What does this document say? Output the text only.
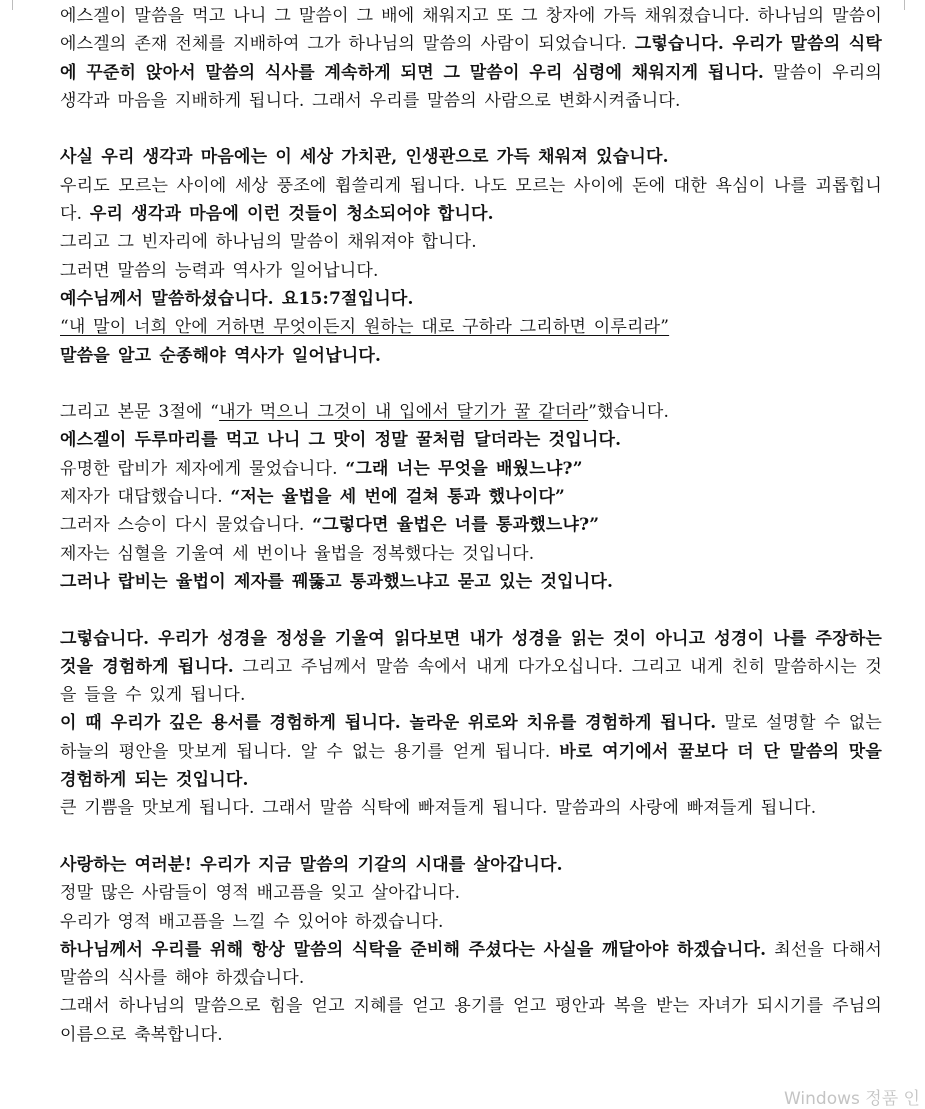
에스겔이 말씀을 먹고 나니 그 말씀이 그 배에 채워지고 또 그 창자에 가득 채워졌습니다. 하나님의 말씀이 에스겔의 존재 전체를 지배하여 그가 하나님의 말씀의 사람이 되었습니다. 그렇습니다. 우리가 말씀의 식탁에 꾸준히 앉아서 말씀의 식사를 계속하게 되면 그 말씀이 우리 심령에 채워지게 됩니다. 말씀이 우리의 생각과 마음을 지배하게 됩니다. 그래서 우리를 말씀의 사람으로 변화시켜줍니다.

사실 우리 생각과 마음에는 이 세상 가치관, 인생관으로 가득 채워져 있습니다.

우리도 모르는 사이에 세상 풍조에 휩쓸리게 됩니다. 나도 모르는 사이에 돈에 대한 욕심이 나를 괴롭힙니다. 우리 생각과 마음에 이런 것들이 청소되어야 합니다.

그리고 그 빈자리에 하나님의 말씀이 채워져야 합니다.

그러면 말씀의 능력과 역사가 일어납니다.

예수님께서 말씀하셨습니다. 요15:7절입니다.

“내 말이 너희 안에 거하면 무엇이든지 원하는 대로 구하라 그리하면 이루리라”

말씀을 알고 순종해야 역사가 일어납니다.

그리고 본문 3절에 “내가 먹으니 그것이 내 입에서 달기가 꿀 같더라”했습니다.

에스겔이 두루마리를 먹고 나니 그 맛이 정말 꿀처럼 달더라는 것입니다.

유명한 랍비가 제자에게 물었습니다. “그래 너는 무엇을 배웠느냐?”

제자가 대답했습니다. “저는 율법을 세 번에 걸쳐 통과 했나이다”

그러자 스승이 다시 물었습니다. “그렇다면 율법은 너를 통과했느냐?”

제자는 심혈을 기울여 세 번이나 율법을 정복했다는 것입니다.

그러나 랍비는 율법이 제자를 꿰뚫고 통과했느냐고 묻고 있는 것입니다.

그렇습니다. 우리가 성경을 정성을 기울여 읽다보면 내가 성경을 읽는 것이 아니고 성경이 나를 주장하는 것을 경험하게 됩니다. 그리고 주님께서 말씀 속에서 내게 다가오십니다. 그리고 내게 친히 말씀하시는 것을 들을 수 있게 됩니다.

이 때 우리가 깊은 용서를 경험하게 됩니다. 놀라운 위로와 치유를 경험하게 됩니다. 말로 설명할 수 없는 하늘의 평안을 맛보게 됩니다. 알 수 없는 용기를 얻게 됩니다. 바로 여기에서 꿀보다 더 단 말씀의 맛을 경험하게 되는 것입니다.

큰 기쁨을 맛보게 됩니다. 그래서 말씀 식탁에 빠져들게 됩니다. 말씀과의 사랑에 빠져들게 됩니다.

사랑하는 여러분! 우리가 지금 말씀의 기갈의 시대를 살아갑니다.

정말 많은 사람들이 영적 배고픔을 잊고 살아갑니다.

우리가 영적 배고픔을 느낄 수 있어야 하겠습니다.

하나님께서 우리를 위해 항상 말씀의 식탁을 준비해 주셨다는 사실을 깨달아야 하겠습니다. 최선을 다해서 말씀의 식사를 해야 하겠습니다.

그래서 하나님의 말씀으로 힘을 얻고 지혜를 얻고 용기를 얻고 평안과 복을 받는 자녀가 되시기를 주님의 이름으로 축복합니다.

Windows 정품 인
